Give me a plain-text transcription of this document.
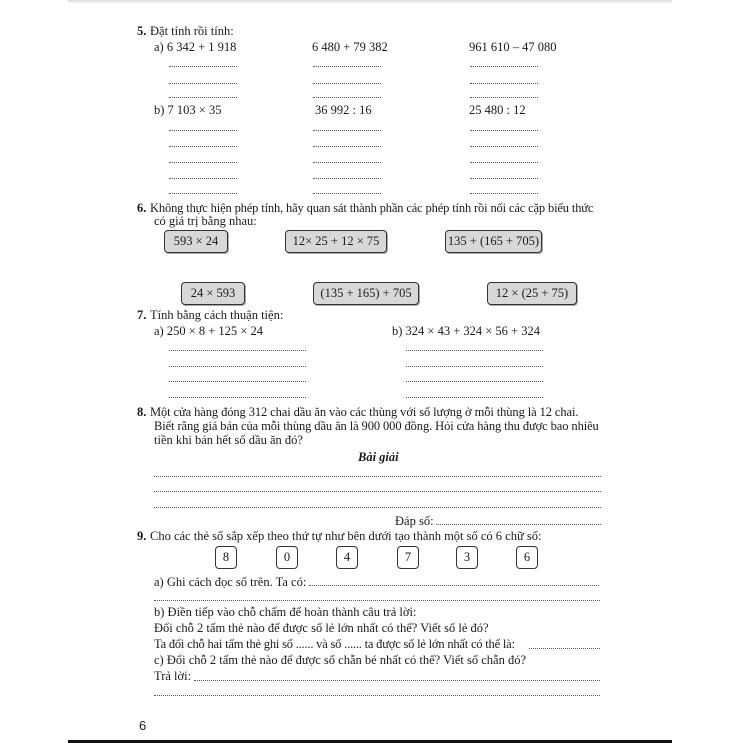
5. Đặt tính rồi tính:
a) 6 342 + 1 918	6 480 + 79 382	961 610 – 47 080
b) 7 103 × 35	36 992 : 16	25 480 : 12
6. Không thực hiện phép tính, hãy quan sát thành phần các phép tính rồi nối các cặp biểu thức
có giá trị bằng nhau:
593 × 24	12× 25 + 12 × 75	135 + (165 + 705)
24 × 593	(135 + 165) + 705	12 × (25 + 75)
7. Tính bằng cách thuận tiện:
a) 250 × 8 + 125 × 24	b) 324 × 43 + 324 × 56 + 324
8. Một cửa hàng đóng 312 chai dầu ăn vào các thùng với số lượng ở mỗi thùng là 12 chai.
Biết rằng giá bán của mỗi thùng dầu ăn là 900 000 đồng. Hỏi cửa hàng thu được bao nhiêu
tiền khi bán hết số dầu ăn đó?
Bài giải
Đáp số:
9. Cho các thẻ số sắp xếp theo thứ tự như bên dưới tạo thành một số có 6 chữ số:
8	0	4	7	3	6
a) Ghi cách đọc số trên. Ta có:
b) Điền tiếp vào chỗ chấm để hoàn thành câu trả lời:
Đổi chỗ 2 tấm thẻ nào để được số lẻ lớn nhất có thể? Viết số lẻ đó?
Ta đổi chỗ hai tấm thẻ ghi số ...... và số ...... ta được số lẻ lớn nhất có thể là:
c) Đổi chỗ 2 tấm thẻ nào để được số chẵn bé nhất có thể? Viết số chẵn đó?
Trả lời:
6
